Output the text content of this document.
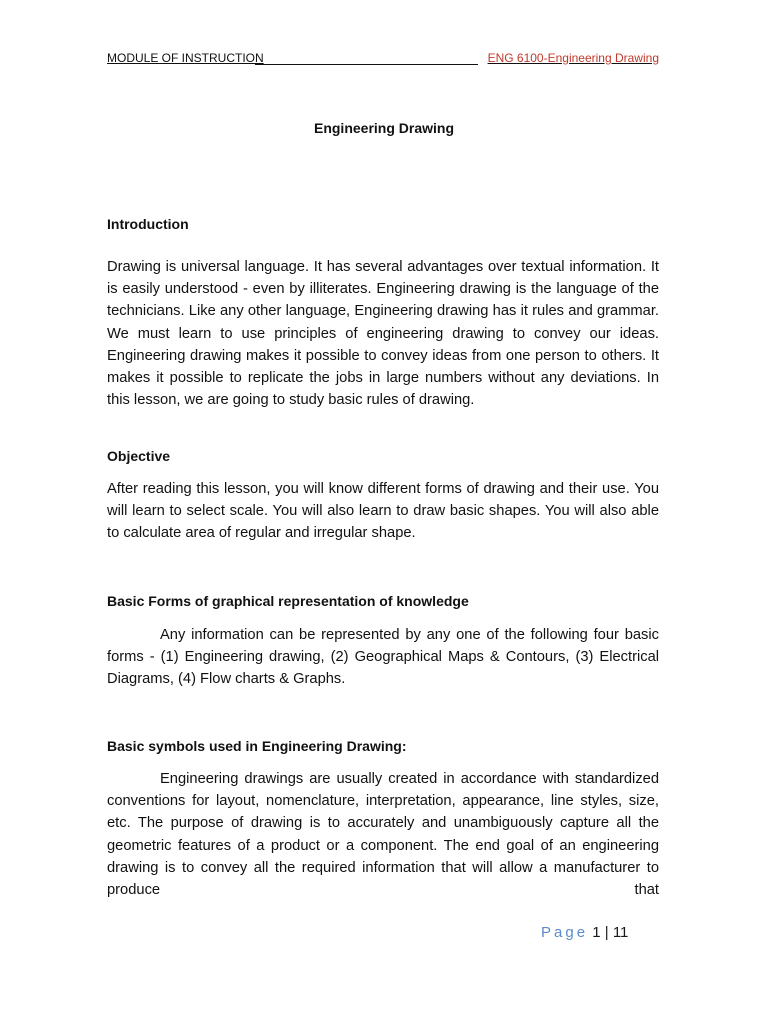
MODULE OF INSTRUCTION	ENG 6100-Engineering Drawing
Engineering Drawing
Introduction

Drawing is universal language. It has several advantages over textual information. It is easily understood - even by illiterates. Engineering drawing is the language of the technicians. Like any other language, Engineering drawing has it rules and grammar. We must learn to use principles of engineering drawing to convey our ideas. Engineering drawing makes it possible to convey ideas from one person to others. It makes it possible to replicate the jobs in large numbers without any deviations. In this lesson, we are going to study basic rules of drawing.

Objective

After reading this lesson, you will know different forms of drawing and their use. You will learn to select scale. You will also learn to draw basic shapes. You will also able to calculate area of regular and irregular shape.

Basic Forms of graphical representation of knowledge

Any information can be represented by any one of the following four basic forms - (1) Engineering drawing, (2) Geographical Maps & Contours, (3) Electrical Diagrams, (4) Flow charts & Graphs.

Basic symbols used in Engineering Drawing:

Engineering drawings are usually created in accordance with standardized conventions for layout, nomenclature, interpretation, appearance, line styles, size, etc. The purpose of drawing is to accurately and unambiguously capture all the geometric features of a product or a component. The end goal of an engineering drawing is to convey all the required information that will allow a manufacturer to produce that

Page 1 | 11
